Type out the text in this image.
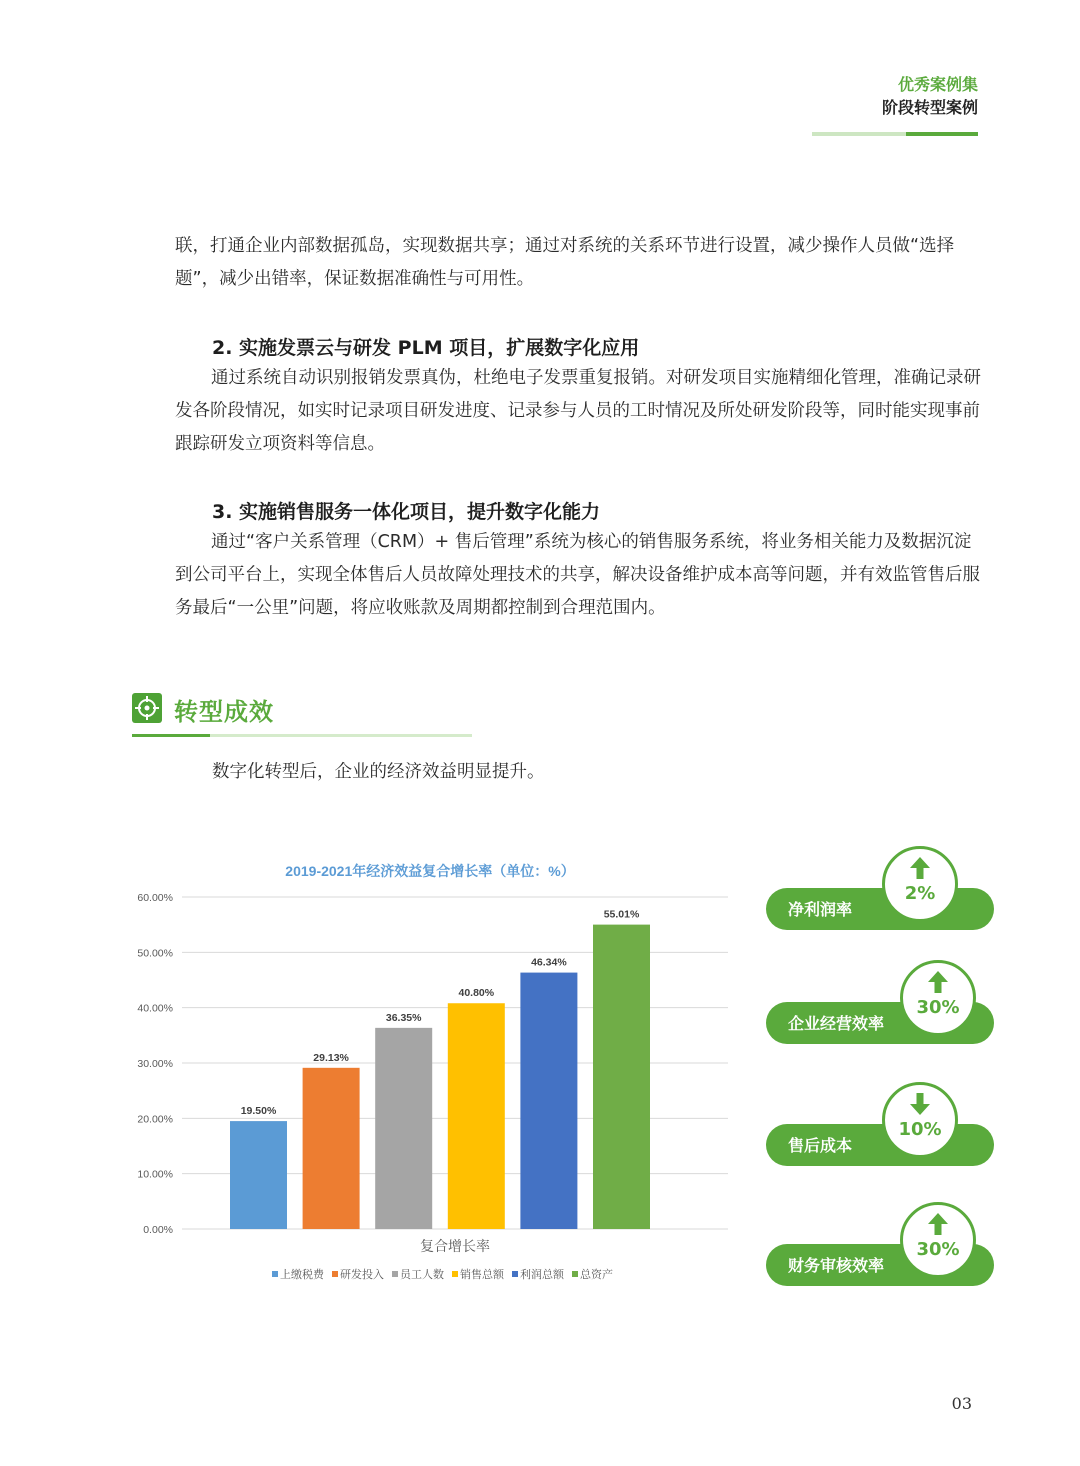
优秀案例集
阶段转型案例
联，打通企业内部数据孤岛，实现数据共享；通过对系统的关系环节进行设置，减少操作人员做“选择题”，减少出错率，保证数据准确性与可用性。
2. 实施发票云与研发 PLM 项目，扩展数字化应用
通过系统自动识别报销发票真伪，杜绝电子发票重复报销。对研发项目实施精细化管理，准确记录研发各阶段情况，如实时记录项目研发进度、记录参与人员的工时情况及所处研发阶段等，同时能实现事前跟踪研发立项资料等信息。
3. 实施销售服务一体化项目，提升数字化能力
通过“客户关系管理（CRM）+ 售后管理”系统为核心的销售服务系统，将业务相关能力及数据沉淀到公司平台上，实现全体售后人员故障处理技术的共享，解决设备维护成本高等问题，并有效监管售后服务最后“一公里”问题，将应收账款及周期都控制到合理范围内。
转型成效
数字化转型后，企业的经济效益明显提升。
2019-2021年经济效益复合增长率（单位：%）
0.00%
10.00%
20.00%
30.00%
40.00%
50.00%
60.00%
19.50%
29.13%
36.35%
40.80%
46.34%
55.01%
复合增长率
上缴税费 研发投入 员工人数 销售总额 利润总额 总资产
净利润率
2%
企业经营效率
30%
售后成本
10%
财务审核效率
30%
03
